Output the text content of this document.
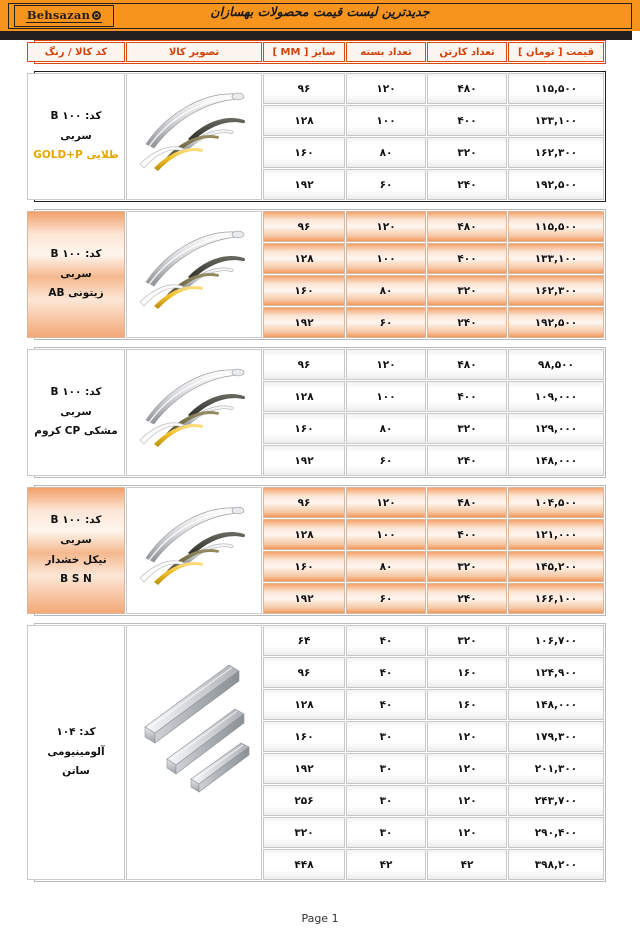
جدیدترین لیست قیمت محصولات بهسازان
Behsazan
قیمت [ تومان ]	تعداد کارتن	تعداد بسته	سایز [ MM ]	تصویر کالا	کد کالا / رنگ
۱۱۵,۵۰۰	۴۸۰	۱۲۰	۹۶		کد: B ۱۰۰
سربی
طلایی GOLD+P

۱۳۳,۱۰۰	۴۰۰	۱۰۰	۱۲۸		
۱۶۲,۳۰۰	۳۲۰	۸۰	۱۶۰		
۱۹۲,۵۰۰	۲۴۰	۶۰	۱۹۲		
۱۱۵,۵۰۰	۴۸۰	۱۲۰	۹۶		کد: B ۱۰۰
سربی
زیتونی AB

۱۳۳,۱۰۰	۴۰۰	۱۰۰	۱۲۸		
۱۶۲,۳۰۰	۳۲۰	۸۰	۱۶۰		
۱۹۲,۵۰۰	۲۴۰	۶۰	۱۹۲		
۹۸,۵۰۰	۴۸۰	۱۲۰	۹۶		کد: B ۱۰۰
سربی
مشکی CP کروم

۱۰۹,۰۰۰	۴۰۰	۱۰۰	۱۲۸		
۱۲۹,۰۰۰	۳۲۰	۸۰	۱۶۰		
۱۴۸,۰۰۰	۲۴۰	۶۰	۱۹۲		
۱۰۴,۵۰۰	۴۸۰	۱۲۰	۹۶		کد: B ۱۰۰
سربی
نیکل خشدار
B S N

۱۲۱,۰۰۰	۴۰۰	۱۰۰	۱۲۸		
۱۴۵,۲۰۰	۳۲۰	۸۰	۱۶۰		
۱۶۶,۱۰۰	۲۴۰	۶۰	۱۹۲		
۱۰۶,۷۰۰	۳۲۰	۴۰	۶۴		کد: ۱۰۴
آلومینیومی ساتن

۱۲۴,۹۰۰	۱۶۰	۴۰	۹۶		
۱۴۸,۰۰۰	۱۶۰	۴۰	۱۲۸		
۱۷۹,۳۰۰	۱۲۰	۳۰	۱۶۰		
۲۰۱,۳۰۰	۱۲۰	۳۰	۱۹۲		
۲۴۳,۷۰۰	۱۲۰	۳۰	۲۵۶		
۲۹۰,۴۰۰	۱۲۰	۳۰	۳۲۰		
۳۹۸,۲۰۰	۴۲	۴۲	۴۴۸		
Page 1
